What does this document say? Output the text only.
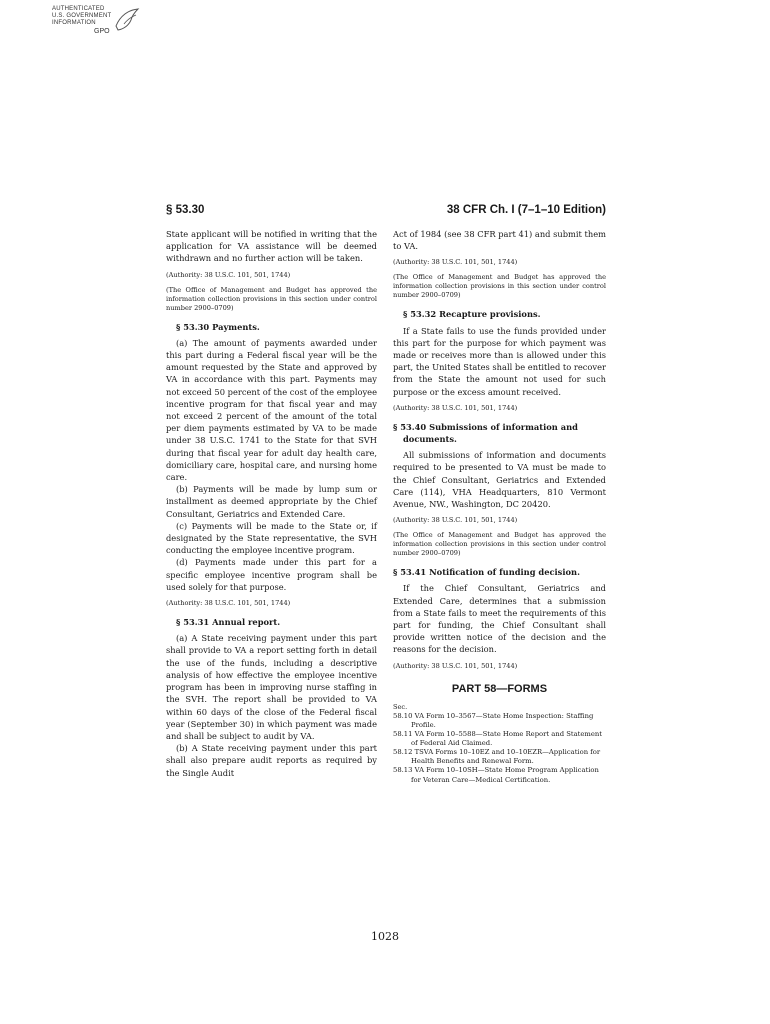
AUTHENTICATED
U.S. GOVERNMENT
INFORMATION
GPO
§ 53.30	38 CFR Ch. I (7–1–10 Edition)

State applicant will be notified in writing that the application for VA assistance will be deemed withdrawn and no further action will be taken.

(Authority: 38 U.S.C. 101, 501, 1744)

(The Office of Management and Budget has approved the information collection provisions in this section under control number 2900–0709)

§ 53.30 Payments.

(a) The amount of payments awarded under this part during a Federal fiscal year will be the amount requested by the State and approved by VA in accordance with this part. Payments may not exceed 50 percent of the cost of the employee incentive program for that fiscal year and may not exceed 2 percent of the amount of the total per diem payments estimated by VA to be made under 38 U.S.C. 1741 to the State for that SVH during that fiscal year for adult day health care, domiciliary care, hospital care, and nursing home care.

(b) Payments will be made by lump sum or installment as deemed appropriate by the Chief Consultant, Geriatrics and Extended Care.

(c) Payments will be made to the State or, if designated by the State representative, the SVH conducting the employee incentive program.

(d) Payments made under this part for a specific employee incentive program shall be used solely for that purpose.

(Authority: 38 U.S.C. 101, 501, 1744)

§ 53.31 Annual report.

(a) A State receiving payment under this part shall provide to VA a report setting forth in detail the use of the funds, including a descriptive analysis of how effective the employee incentive program has been in improving nurse staffing in the SVH. The report shall be provided to VA within 60 days of the close of the Federal fiscal year (September 30) in which payment was made and shall be subject to audit by VA.

(b) A State receiving payment under this part shall also prepare audit reports as required by the Single Audit

Act of 1984 (see 38 CFR part 41) and submit them to VA.

(Authority: 38 U.S.C. 101, 501, 1744)

(The Office of Management and Budget has approved the information collection provisions in this section under control number 2900–0709)

§ 53.32 Recapture provisions.

If a State fails to use the funds provided under this part for the purpose for which payment was made or receives more than is allowed under this part, the United States shall be entitled to recover from the State the amount not used for such purpose or the excess amount received.

(Authority: 38 U.S.C. 101, 501, 1744)

§ 53.40 Submissions of information and documents.

All submissions of information and documents required to be presented to VA must be made to the Chief Consultant, Geriatrics and Extended Care (114), VHA Headquarters, 810 Vermont Avenue, NW., Washington, DC 20420.

(Authority: 38 U.S.C. 101, 501, 1744)

(The Office of Management and Budget has approved the information collection provisions in this section under control number 2900–0709)

§ 53.41 Notification of funding decision.

If the Chief Consultant, Geriatrics and Extended Care, determines that a submission from a State fails to meet the requirements of this part for funding, the Chief Consultant shall provide written notice of the decision and the reasons for the decision.

(Authority: 38 U.S.C. 101, 501, 1744)

PART 58—FORMS

Sec.

58.10 VA Form 10–3567—State Home Inspection: Staffing Profile.

58.11 VA Form 10–5588—State Home Report and Statement of Federal Aid Claimed.

58.12 TSVA Forms 10–10EZ and 10–10EZR—Application for Health Benefits and Renewal Form.

58.13 VA Form 10–10SH—State Home Program Application for Veteran Care—Medical Certification.

1028
